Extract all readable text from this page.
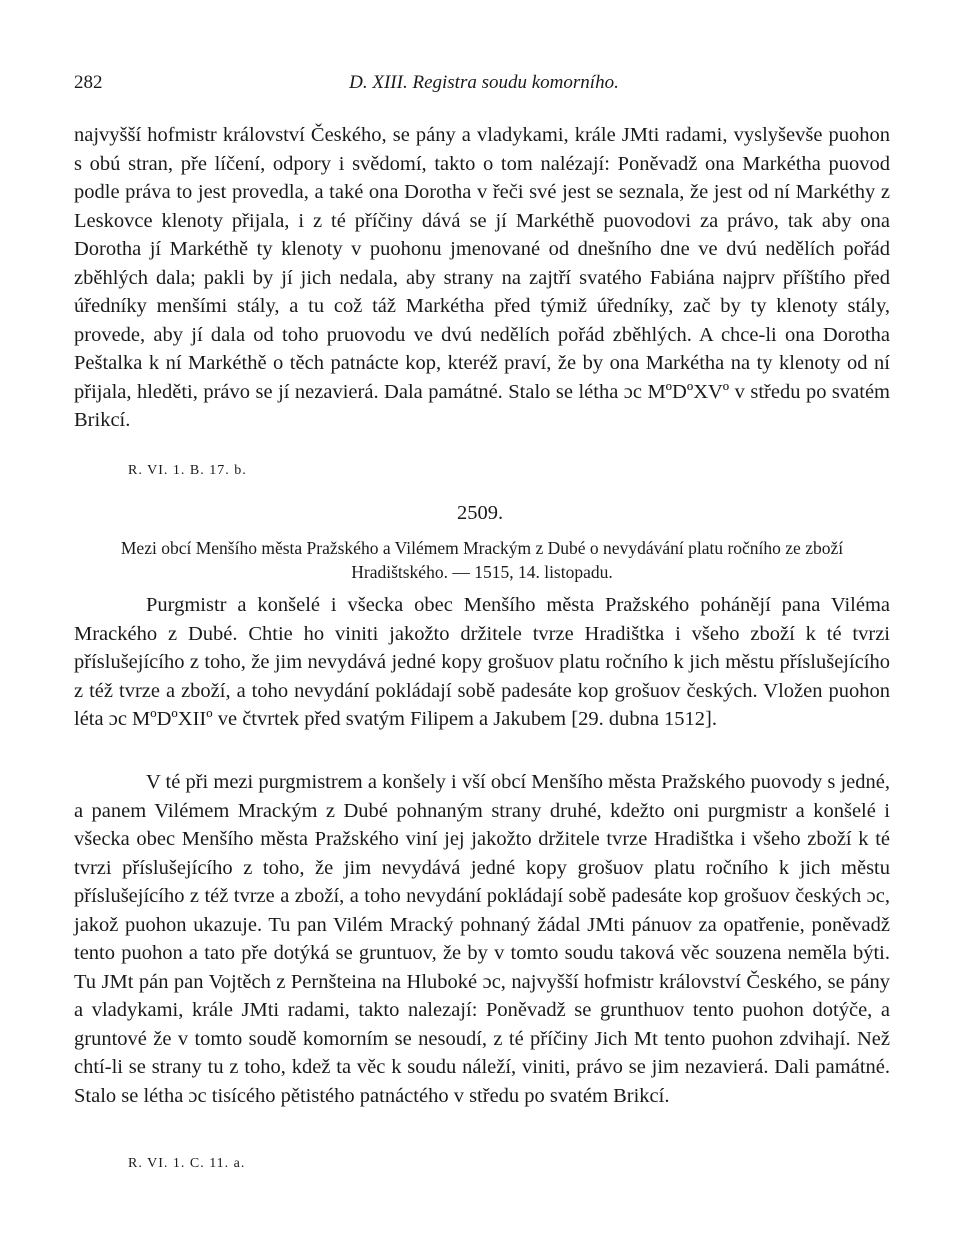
282	D. XIII. Registra soudu komorního.

najvyšší hofmistr království Českého, se pány a vladykami, krále JMti radami, vyslyševše puohon s obú stran, pře líčení, odpory i svědomí, takto o tom nalézají: Poněvadž ona Markétha puovod podle práva to jest provedla, a také ona Dorotha v řeči své jest se seznala, že jest od ní Markéthy z Leskovce klenoty přijala, i z té příčiny dává se jí Markéthě puovodovi za právo, tak aby ona Dorotha jí Markéthě ty klenoty v puohonu jmenované od dnešního dne ve dvú nedělích pořád zběhlých dala; pakli by jí jich nedala, aby strany na zajtří svatého Fabiána najprv příštího před úředníky menšími stály, a tu což táž Markétha před týmiž úředníky, zač by ty klenoty stály, provede, aby jí dala od toho pruovodu ve dvú nedělích pořád zběhlých. A chce-li ona Dorotha Peštalka k ní Markéthě o těch patnácte kop, kteréž praví, že by ona Markétha na ty klenoty od ní přijala, hleděti, právo se jí nezavierá. Dala památné. Stalo se létha ɔc MºDºXVº v středu po svatém Brikcí.

R. VI. 1. B. 17. b.
2509.

Mezi obcí Menšího města Pražského a Vilémem Mrackým z Dubé o nevydávání platu ročního ze zboží Hradištského. — 1515, 14. listopadu.

Purgmistr a konšelé i všecka obec Menšího města Pražského pohánějí pana Viléma Mrackého z Dubé. Chtie ho viniti jakožto držitele tvrze Hradištka i všeho zboží k té tvrzi příslušejícího z toho, že jim nevydává jedné kopy grošuov platu ročního k jich městu příslušejícího z též tvrze a zboží, a toho nevydání pokládají sobě padesáte kop grošuov českých. Vložen puohon léta ɔc MºDºXIIº ve čtvrtek před svatým Filipem a Jakubem [29. dubna 1512].

V té při mezi purgmistrem a konšely i vší obcí Menšího města Pražského puovody s jedné, a panem Vilémem Mrackým z Dubé pohnaným strany druhé, kdežto oni purgmistr a konšelé i všecka obec Menšího města Pražského viní jej jakožto držitele tvrze Hradištka i všeho zboží k té tvrzi příslušejícího z toho, že jim nevydává jedné kopy grošuov platu ročního k jich městu příslušejícího z též tvrze a zboží, a toho nevydání pokládají sobě padesáte kop grošuov českých ɔc, jakož puohon ukazuje. Tu pan Vilém Mracký pohnaný žádal JMti pánuov za opatřenie, poněvadž tento puohon a tato pře dotýká se gruntuov, že by v tomto soudu taková věc souzena neměla býti. Tu JMt pán pan Vojtěch z Pernšteina na Hluboké ɔc, najvyšší hofmistr království Českého, se pány a vladykami, krále JMti radami, takto nalezají: Poněvadž se grunthuov tento puohon dotýče, a gruntové že v tomto soudě komorním se nesoudí, z té příčiny Jich Mt tento puohon zdvihají. Než chtí-li se strany tu z toho, kdež ta věc k soudu náleží, viniti, právo se jim nezavierá. Dali památné. Stalo se létha ɔc tisícého pětistého patnáctého v středu po svatém Brikcí.

R. VI. 1. C. 11. a.
